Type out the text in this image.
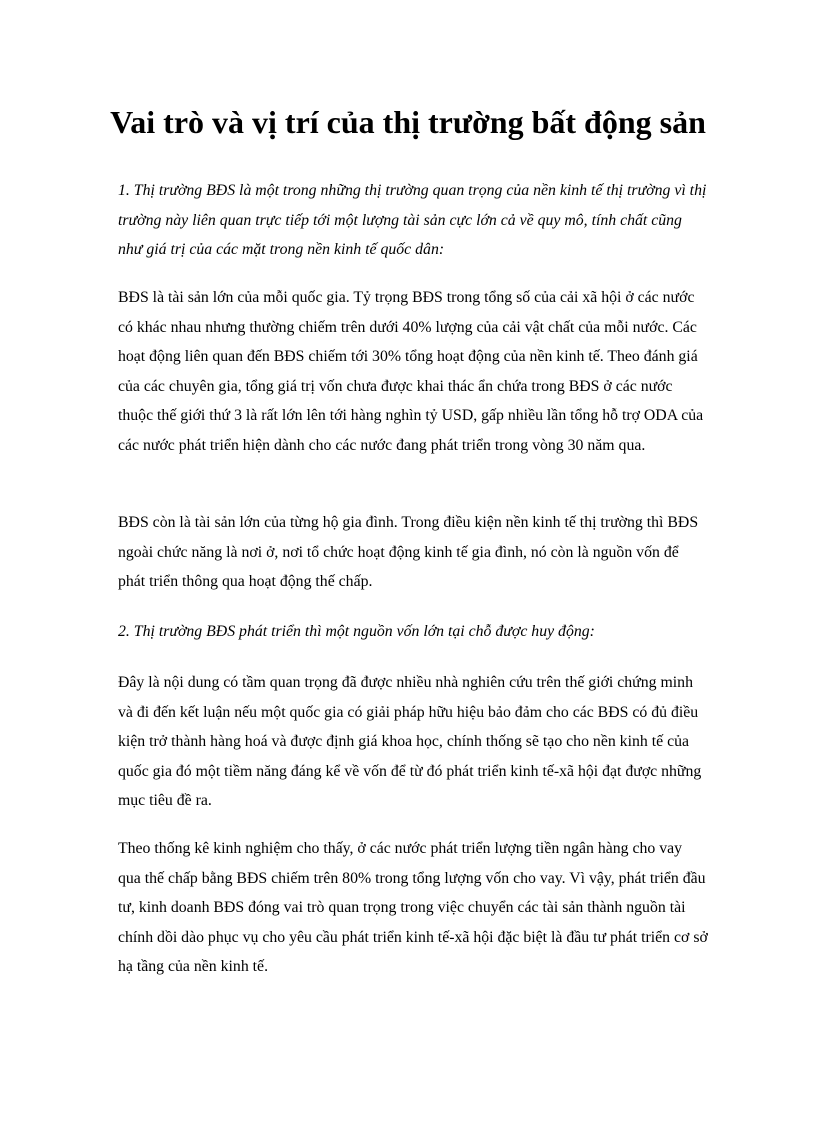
Vai trò và vị trí của thị trường bất động sản

1. Thị trường BĐS là một trong những thị trường quan trọng của nền kinh tế thị trường vì thị trường này liên quan trực tiếp tới một lượng tài sản cực lớn cả về quy mô, tính chất cũng như giá trị của các mặt trong nền kinh tế quốc dân:

BĐS là tài sản lớn của mỗi quốc gia. Tỷ trọng BĐS trong tổng số của cải xã hội ở các nước có khác nhau nhưng thường chiếm trên dưới 40% lượng của cải vật chất của mỗi nước. Các hoạt động liên quan đến BĐS chiếm tới 30% tổng hoạt động của nền kinh tế. Theo đánh giá của các chuyên gia, tổng giá trị vốn chưa được khai thác ẩn chứa trong BĐS ở các nước thuộc thế giới thứ 3 là rất lớn lên tới hàng nghìn tỷ USD, gấp nhiều lần tổng hỗ trợ ODA của các nước phát triển hiện dành cho các nước đang phát triển trong vòng 30 năm qua.

BĐS còn là tài sản lớn của từng hộ gia đình. Trong điều kiện nền kinh tế thị trường thì BĐS ngoài chức năng là nơi ở, nơi tổ chức hoạt động kinh tế gia đình, nó còn là nguồn vốn để phát triển thông qua hoạt động thế chấp.

2. Thị trường BĐS phát triển thì một nguồn vốn lớn tại chỗ được huy động:

Đây là nội dung có tầm quan trọng đã được nhiều nhà nghiên cứu trên thế giới chứng minh và đi đến kết luận nếu một quốc gia có giải pháp hữu hiệu bảo đảm cho các BĐS có đủ điều kiện trở thành hàng hoá và được định giá khoa học, chính thống sẽ tạo cho nền kinh tế của quốc gia đó một tiềm năng đáng kể về vốn để từ đó phát triển kinh tế-xã hội đạt được những mục tiêu đề ra.

Theo thống kê kinh nghiệm cho thấy, ở các nước phát triển lượng tiền ngân hàng cho vay qua thế chấp bằng BĐS chiếm trên 80% trong tổng lượng vốn cho vay. Vì vậy, phát triển đầu tư, kinh doanh BĐS đóng vai trò quan trọng trong việc chuyển các tài sản thành nguồn tài chính dồi dào phục vụ cho yêu cầu phát triển kinh tế-xã hội đặc biệt là đầu tư phát triển cơ sở hạ tầng của nền kinh tế.
